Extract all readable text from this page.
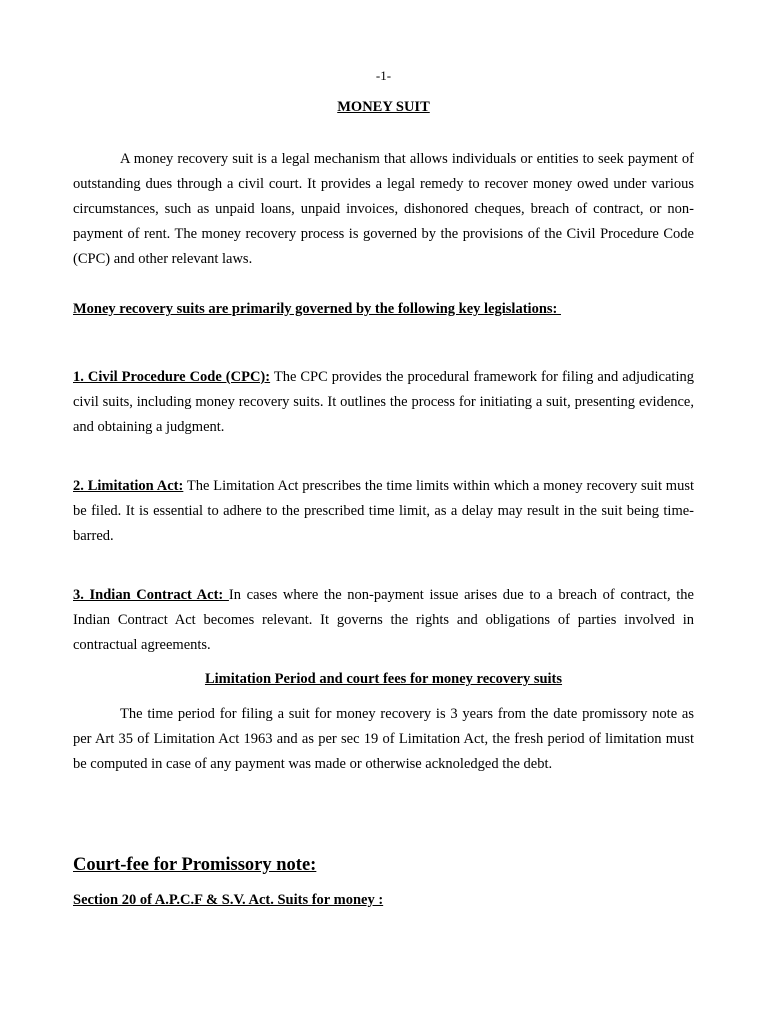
-1-
MONEY SUIT

A money recovery suit is a legal mechanism that allows individuals or entities to seek payment of outstanding dues through a civil court. It provides a legal remedy to recover money owed under various circumstances, such as unpaid loans, unpaid invoices, dishonored cheques, breach of contract, or non-payment of rent. The money recovery process is governed by the provisions of the Civil Procedure Code (CPC) and other relevant laws.

Money recovery suits are primarily governed by the following key legislations:

1. Civil Procedure Code (CPC): The CPC provides the procedural framework for filing and adjudicating civil suits, including money recovery suits. It outlines the process for initiating a suit, presenting evidence, and obtaining a judgment.

2. Limitation Act: The Limitation Act prescribes the time limits within which a money recovery suit must be filed. It is essential to adhere to the prescribed time limit, as a delay may result in the suit being time-barred.

3. Indian Contract Act: In cases where the non-payment issue arises due to a breach of contract, the Indian Contract Act becomes relevant. It governs the rights and obligations of parties involved in contractual agreements.

Limitation Period and court fees for money recovery suits

The time period for filing a suit for money recovery is 3 years from the date promissory note as per Art 35 of Limitation Act 1963 and as per sec 19 of Limitation Act, the fresh period of limitation must be computed in case of any payment was made or otherwise acknoledged the debt.

Court-fee for Promissory note:
Section 20 of A.P.C.F & S.V. Act. Suits for money :
